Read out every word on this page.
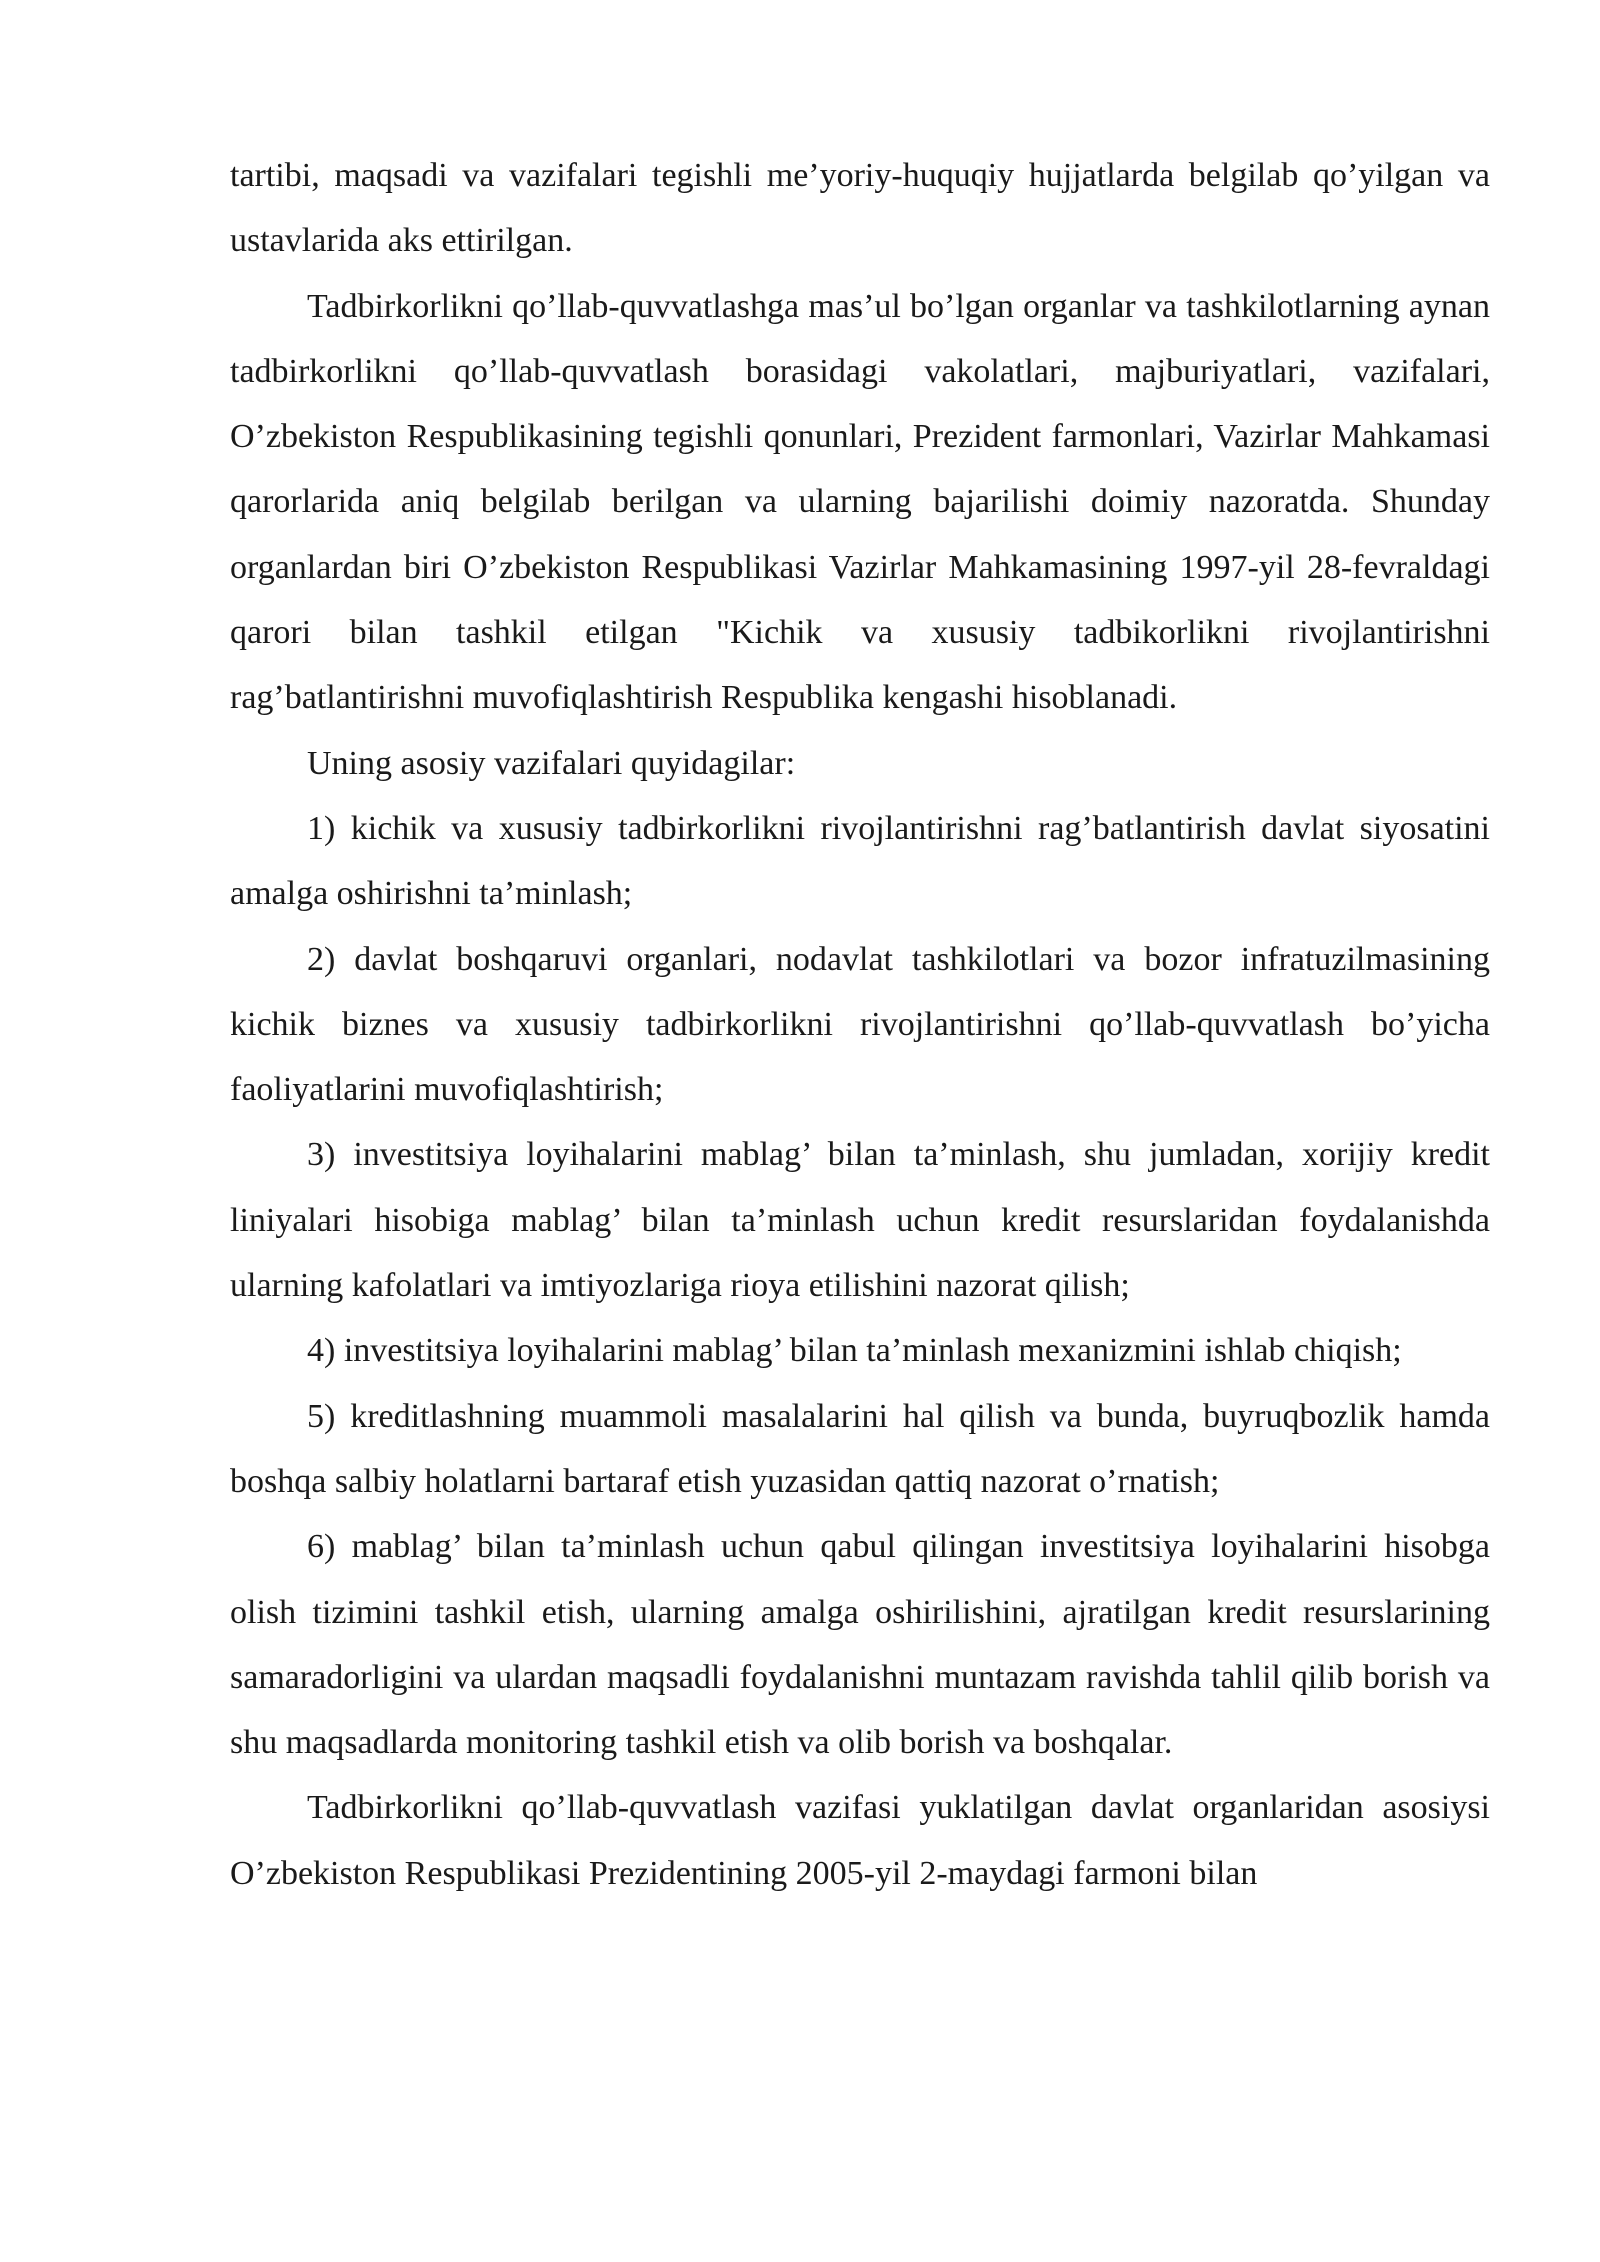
tartibi, maqsadi va vazifalari tegishli me’yoriy-huquqiy hujjatlarda belgilab qo’yilgan va ustavlarida aks ettirilgan.

Tadbirkorlikni qo’llab-quvvatlashga mas’ul bo’lgan organlar va tashkilotlarning aynan tadbirkorlikni qo’llab-quvvatlash borasidagi vakolatlari, majburiyatlari, vazifalari, O’zbekiston Respublikasining tegishli qonunlari, Prezident farmonlari, Vazirlar Mahkamasi qarorlarida aniq belgilab berilgan va ularning bajarilishi doimiy nazoratda. Shunday organlardan biri O’zbekiston Respublikasi Vazirlar Mahkamasining 1997-yil 28-fevraldagi qarori bilan tashkil etilgan "Kichik va xususiy tadbikorlikni rivojlantirishni rag’batlantirishni muvofiqlashtirish Respublika kengashi hisoblanadi.

Uning asosiy vazifalari quyidagilar:

1) kichik va xususiy tadbirkorlikni rivojlantirishni rag’batlantirish davlat siyosatini amalga oshirishni ta’minlash;

2) davlat boshqaruvi organlari, nodavlat tashkilotlari va bozor infratuzilmasining kichik biznes va xususiy tadbirkorlikni rivojlantirishni qo’llab-quvvatlash bo’yicha faoliyatlarini muvofiqlashtirish;

3) investitsiya loyihalarini mablag’ bilan ta’minlash, shu jumladan, xorijiy kredit liniyalari hisobiga mablag’ bilan ta’minlash uchun kredit resurslaridan foydalanishda ularning kafolatlari va imtiyozlariga rioya etilishini nazorat qilish;

4) investitsiya loyihalarini mablag’ bilan ta’minlash mexanizmini ishlab chiqish;

5) kreditlashning muammoli masalalarini hal qilish va bunda, buyruqbozlik hamda boshqa salbiy holatlarni bartaraf etish yuzasidan qattiq nazorat o’rnatish;

6) mablag’ bilan ta’minlash uchun qabul qilingan investitsiya loyihalarini hisobga olish tizimini tashkil etish, ularning amalga oshirilishini, ajratilgan kredit resurslarining samaradorligini va ulardan maqsadli foydalanishni muntazam ravishda tahlil qilib borish va shu maqsadlarda monitoring tashkil etish va olib borish va boshqalar.

Tadbirkorlikni qo’llab-quvvatlash vazifasi yuklatilgan davlat organlaridan asosiysi O’zbekiston Respublikasi Prezidentining 2005-yil 2-maydagi farmoni bilan
